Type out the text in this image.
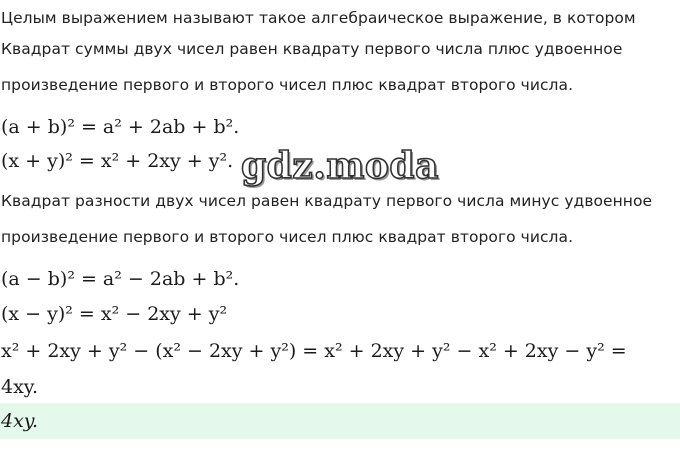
Целым выражением называют такое алгебраическое выражение, в котором
Квадрат суммы двух чисел равен квадрату первого числа плюс удвоенное
произведение первого и второго чисел плюс квадрат второго числа.
(a + b)² = a² + 2ab + b².
(x + y)² = x² + 2xy + y².
Квадрат разности двух чисел равен квадрату первого числа минус удвоенное
произведение первого и второго чисел плюс квадрат второго числа.
(a − b)² = a² − 2ab + b².
(x − y)² = x² − 2xy + y²
x² + 2xy + y² − (x² − 2xy + y²) = x² + 2xy + y² − x² + 2xy − y² =
4xy.
4xy.
gdz.moda
